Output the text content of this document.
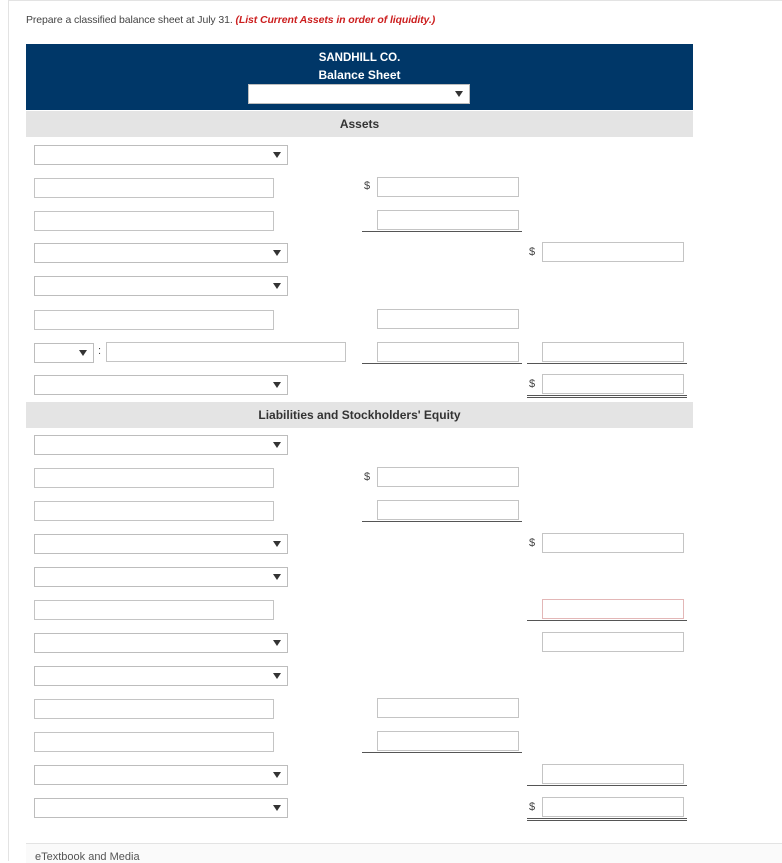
Prepare a classified balance sheet at July 31. (List Current Assets in order of liquidity.)
SANDHILL CO.
Balance Sheet
Assets
$
$
:
$
Liabilities and Stockholders' Equity
$
$
$
eTextbook and Media
